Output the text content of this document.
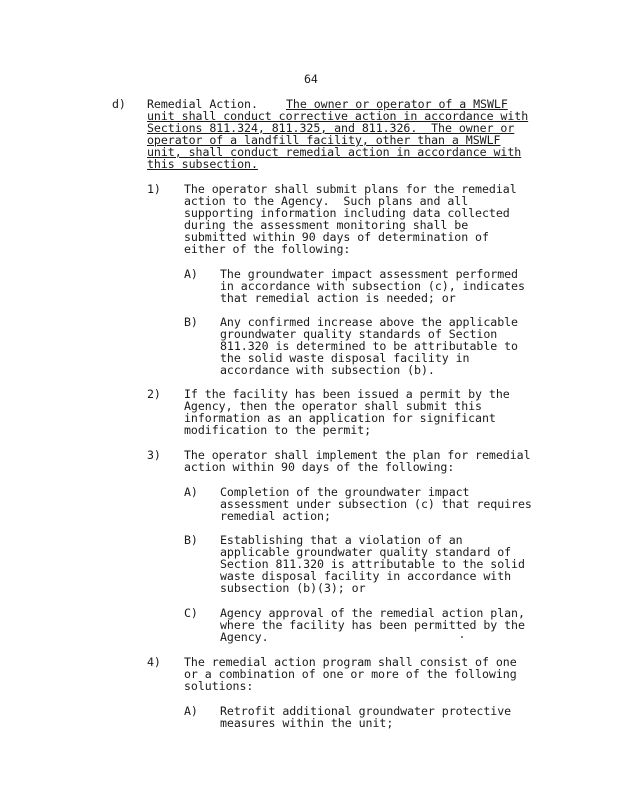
64
d) Remedial Action. The owner or operator of a MSWLF
unit shall conduct corrective action in accordance with
Sections 811.324, 811.325, and 811.326.  The owner or
operator of a landfill facility, other than a MSWLF
unit, shall conduct remedial action in accordance with
this subsection.
1) The operator shall submit plans for the remedial
action to the Agency.  Such plans and all
supporting information including data collected
during the assessment monitoring shall be
submitted within 90 days of determination of
either of the following:
A) The groundwater impact assessment performed
in accordance with subsection (c), indicates
that remedial action is needed; or
B) Any confirmed increase above the applicable
groundwater quality standards of Section
811.320 is determined to be attributable to
the solid waste disposal facility in
accordance with subsection (b).
2) If the facility has been issued a permit by the
Agency, then the operator shall submit this
information as an application for significant
modification to the permit;
3) The operator shall implement the plan for remedial
action within 90 days of the following:
A) Completion of the groundwater impact
assessment under subsection (c) that requires
remedial action;
B) Establishing that a violation of an
applicable groundwater quality standard of
Section 811.320 is attributable to the solid
waste disposal facility in accordance with
subsection (b)(3); or
C) Agency approval of the remedial action plan,
where the facility has been permitted by the
Agency.
4) The remedial action program shall consist of one
or a combination of one or more of the following
solutions:
A) Retrofit additional groundwater protective
measures within the unit;
